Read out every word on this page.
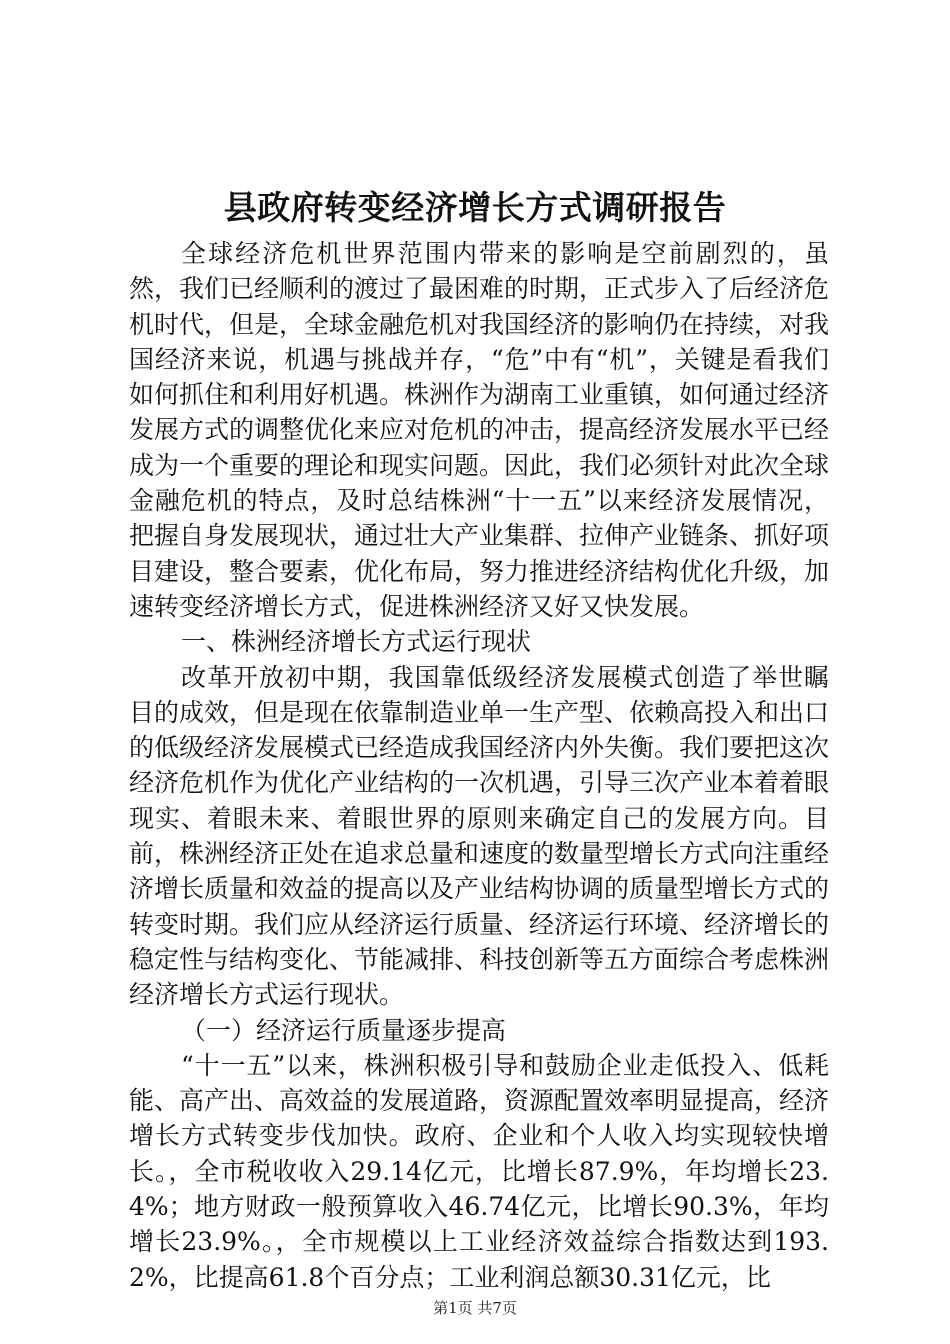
县政府转变经济增长方式调研报告

全球经济危机世界范围内带来的影响是空前剧烈的，虽然，我们已经顺利的渡过了最困难的时期，正式步入了后经济危机时代，但是，全球金融危机对我国经济的影响仍在持续，对我国经济来说，机遇与挑战并存，“危”中有“机”，关键是看我们如何抓住和利用好机遇。株洲作为湖南工业重镇，如何通过经济发展方式的调整优化来应对危机的冲击，提高经济发展水平已经成为一个重要的理论和现实问题。因此，我们必须针对此次全球金融危机的特点，及时总结株洲“十一五”以来经济发展情况，把握自身发展现状，通过壮大产业集群、拉伸产业链条、抓好项目建设，整合要素，优化布局，努力推进经济结构优化升级，加速转变经济增长方式，促进株洲经济又好又快发展。

一、株洲经济增长方式运行现状

改革开放初中期，我国靠低级经济发展模式创造了举世瞩目的成效，但是现在依靠制造业单一生产型、依赖高投入和出口的低级经济发展模式已经造成我国经济内外失衡。我们要把这次经济危机作为优化产业结构的一次机遇，引导三次产业本着着眼现实、着眼未来、着眼世界的原则来确定自己的发展方向。目前，株洲经济正处在追求总量和速度的数量型增长方式向注重经济增长质量和效益的提高以及产业结构协调的质量型增长方式的转变时期。我们应从经济运行质量、经济运行环境、经济增长的稳定性与结构变化、节能减排、科技创新等五方面综合考虑株洲经济增长方式运行现状。

（一）经济运行质量逐步提高

“十一五”以来，株洲积极引导和鼓励企业走低投入、低耗能、高产出、高效益的发展道路，资源配置效率明显提高，经济增长方式转变步伐加快。政府、企业和个人收入均实现较快增长。，全市税收收入29.14亿元，比增长87.9%，年均增长23.4%；地方财政一般预算收入46.74亿元，比增长90.3%，年均增长23.9%。，全市规模以上工业经济效益综合指数达到193.2%，比提高61.8个百分点；工业利润总额30.31亿元，比

第1页 共7页
